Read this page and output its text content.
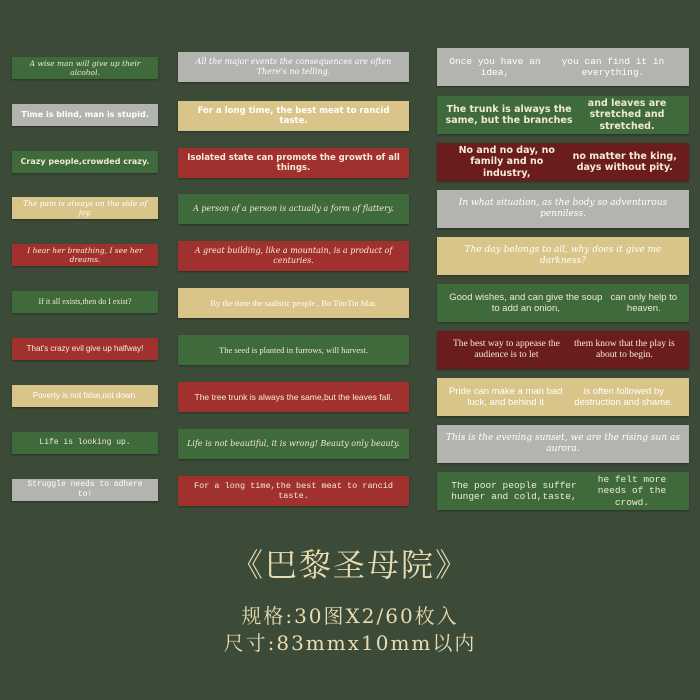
A wise man will give up their alcohol.
All the major events the consequences are often There's no telling.
Once you have an idea,
you can find it in everything.
Time is blind, man is stupid.	For a long time, the best meat to rancid taste.
The trunk is always the same, but the branches
and leaves are stretched and stretched.
Crazy people,crowded crazy.	Isolated state can promote the growth of all things.
No and no day, no family and no industry,
no matter the king, days without pity.
The pain is always on the side of joy.	A person of a person is actually a form of flattery.
In what situation, as the body so adventurous penniless.
I hear her breathing, I see her dreams.
A great building, like a mountain, is a product of centuries.
The day belongs to all, why does it give me darkness?
If it all exists,then do I exist?	By the time the sadistic people , Bo TimTin Mat.
Good wishes, and can give the soup to add an onion,
can only help to heaven.
That's crazy evil give up halfway!	The seed is planted in furrows, will harvest.
The best way to appease the audience is to let
them know that the play is about to begin.
Poverty is not false,not down.	The tree trunk is always the same,but the leaves fall.
Pride can make a man bad luck, and behind it
is often followed by destruction and shame.
Life is looking up.	Life is not beautiful, it is wrong! Beauty only beauty.
This is the evening sunset, we are the rising sun as aurora.
Struggle needs to adhere to!
For a long time,the best meat to rancid taste.
The poor people suffer hunger and cold,taste,
he felt more needs of the crowd.
《巴黎圣母院》
规格:30图X2/60枚入
尺寸:83mmx10mm以内
